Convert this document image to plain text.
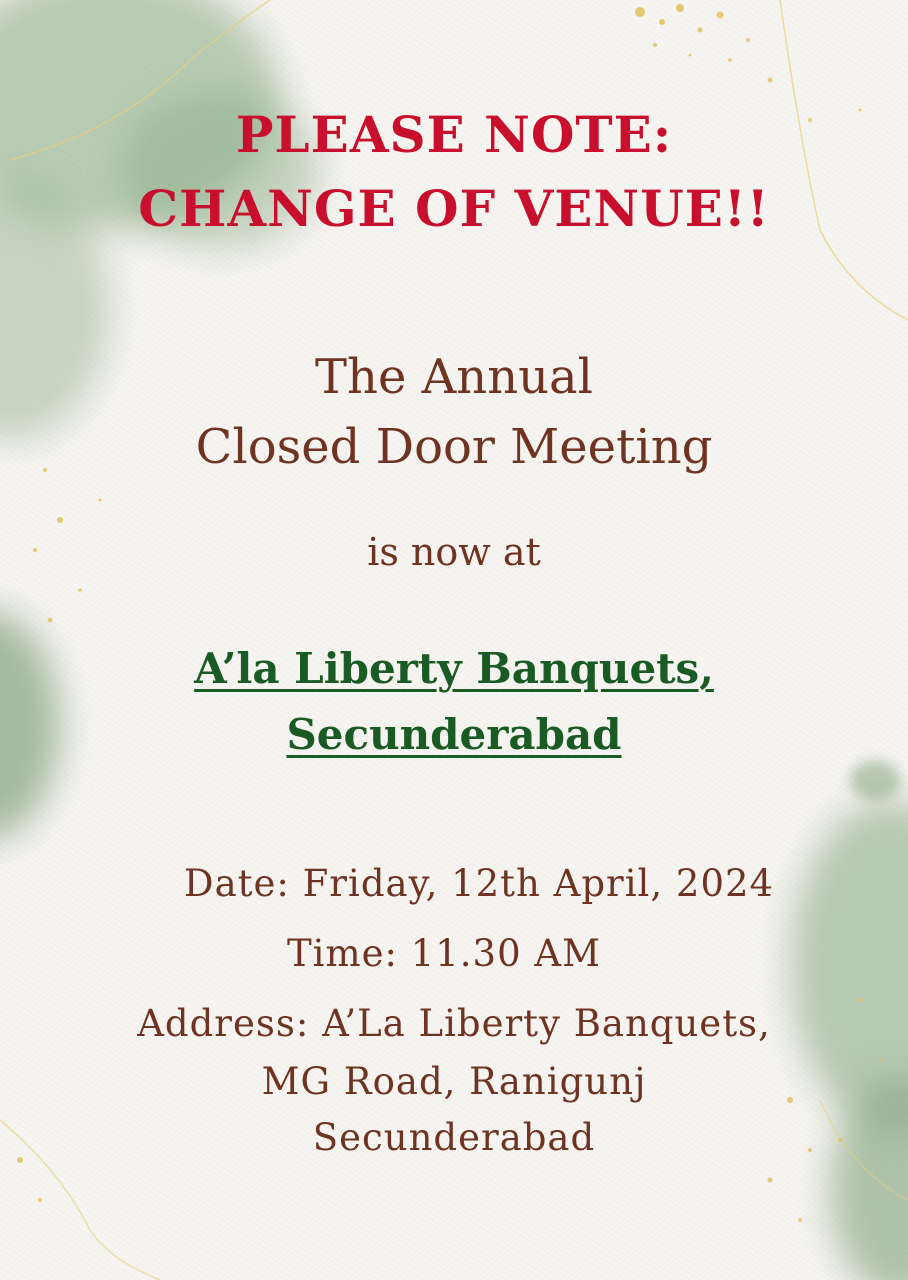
PLEASE NOTE:

CHANGE OF VENUE!!

The Annual

Closed Door Meeting

is now at

A’la Liberty Banquets,

Secunderabad

Date: Friday, 12th April, 2024

Time: 11.30 AM

Address: A’La Liberty Banquets,

MG Road, Ranigunj

Secunderabad
